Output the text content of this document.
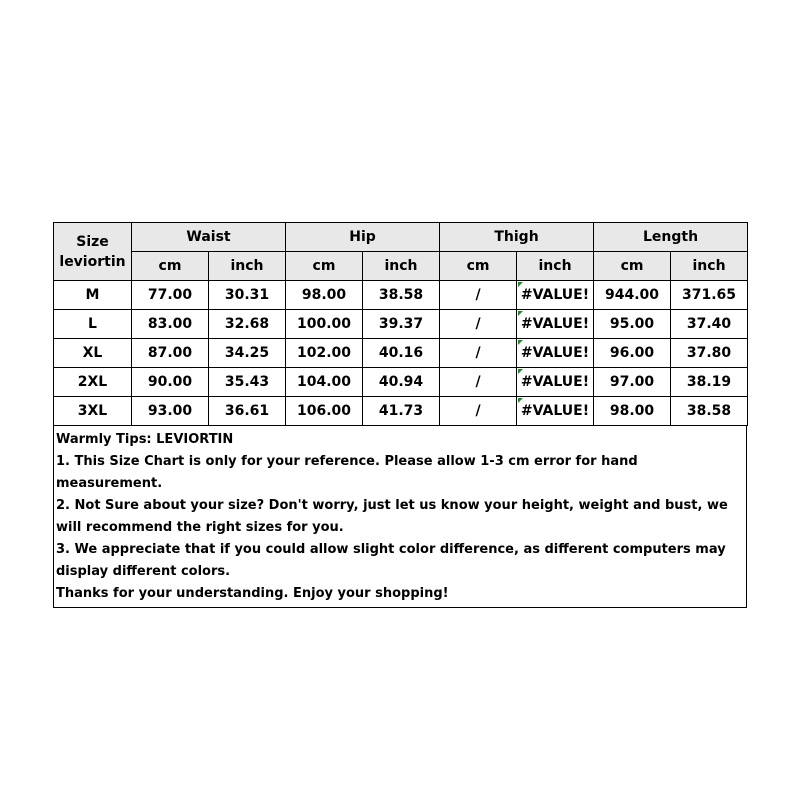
Size
leviortin	Waist		Hip		Thigh		Length	
	cm	inch	cm	inch	cm	inch	cm	inch
M	77.00	30.31	98.00	38.58	/	#VALUE!	944.00	371.65
L	83.00	32.68	100.00	39.37	/	#VALUE!	95.00	37.40
XL	87.00	34.25	102.00	40.16	/	#VALUE!	96.00	37.80
2XL	90.00	35.43	104.00	40.94	/	#VALUE!	97.00	38.19
3XL	93.00	36.61	106.00	41.73	/	#VALUE!	98.00	38.58
Warmly Tips: LEVIORTIN
1. This Size Chart is only for your reference. Please allow 1-3 cm error for hand measurement.
2. Not Sure about your size? Don't worry, just let us know your height, weight and bust, we will recommend the right sizes for you.
3. We appreciate that if you could allow slight color difference, as different computers may display different colors.
Thanks for your understanding. Enjoy your shopping!
